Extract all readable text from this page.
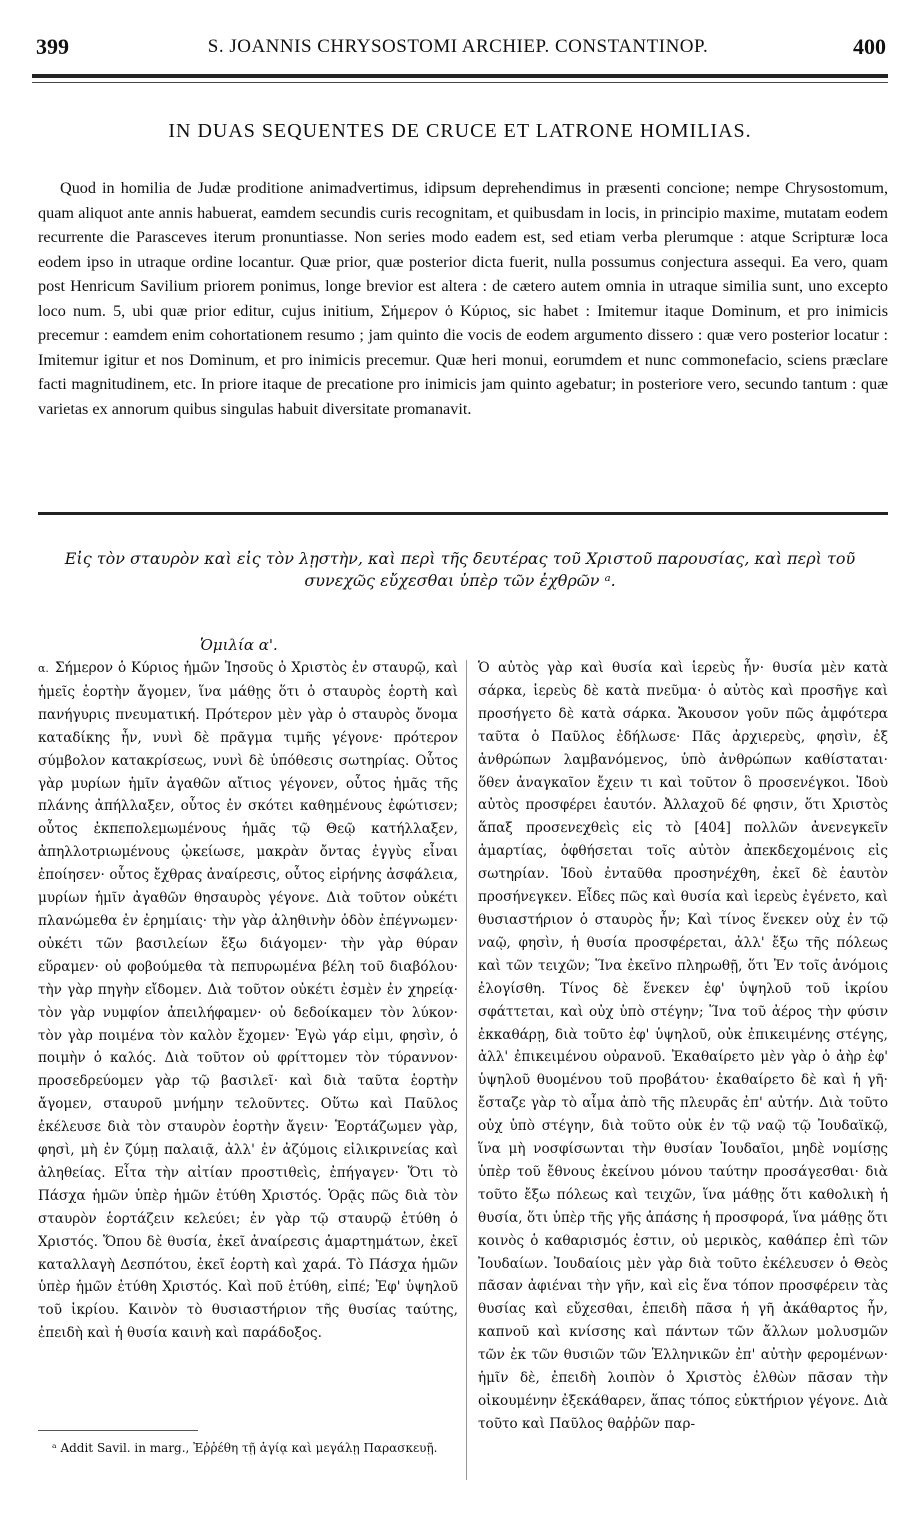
399	S. JOANNIS CHRYSOSTOMI ARCHIEP. CONSTANTINOP.	400
IN DUAS SEQUENTES DE CRUCE ET LATRONE HOMILIAS.

Quod in homilia de Judæ proditione animadvertimus, idipsum deprehendimus in præsenti concione; nempe Chrysostomum, quam aliquot ante annis habuerat, eamdem secundis curis recognitam, et quibusdam in locis, in principio maxime, mutatam eodem recurrente die Parasceves iterum pronuntiasse. Non series modo eadem est, sed etiam verba plerumque : atque Scripturæ loca eodem ipso in utraque ordine locantur. Quæ prior, quæ posterior dicta fuerit, nulla possumus conjectura assequi. Ea vero, quam post Henricum Savilium priorem ponimus, longe brevior est altera : de cætero autem omnia in utraque similia sunt, uno excepto loco num. 5, ubi quæ prior editur, cujus initium, Σήμερον ὁ Κύριος, sic habet : Imitemur itaque Dominum, et pro inimicis precemur : eamdem enim cohortationem resumo ; jam quinto die vocis de eodem argumento dissero : quæ vero posterior locatur : Imitemur igitur et nos Dominum, et pro inimicis precemur. Quæ heri monui, eorumdem et nunc commonefacio, sciens præclare facti magnitudinem, etc. In priore itaque de precatione pro inimicis jam quinto agebatur; in posteriore vero, secundo tantum : quæ varietas ex annorum quibus singulas habuit diversitate promanavit.

Εἰς τὸν σταυρὸν καὶ εἰς τὸν λῃστὴν, καὶ περὶ τῆς δευτέρας τοῦ Χριστοῦ παρουσίας, καὶ περὶ τοῦ συνεχῶς εὔχεσθαι ὑπὲρ τῶν ἐχθρῶν ᵃ.
Ὁμιλία α'.

α. Σήμερον ὁ Κύριος ἡμῶν Ἰησοῦς ὁ Χριστὸς ἐν σταυρῷ, καὶ ἡμεῖς ἑορτὴν ἄγομεν, ἵνα μάθῃς ὅτι ὁ σταυρὸς ἑορτὴ καὶ πανήγυρις πνευματική. Πρότερον μὲν γὰρ ὁ σταυρὸς ὄνομα καταδίκης ἦν, νυνὶ δὲ πρᾶγμα τιμῆς γέγονε· πρότερον σύμβολον κατακρίσεως, νυνὶ δὲ ὑπόθεσις σωτηρίας. Οὗτος γὰρ μυρίων ἡμῖν ἀγαθῶν αἴτιος γέγονεν, οὗτος ἡμᾶς τῆς πλάνης ἀπήλλαξεν, οὗτος ἐν σκότει καθημένους ἐφώτισεν; οὗτος ἐκπεπολεμωμένους ἡμᾶς τῷ Θεῷ κατήλλαξεν, ἀπηλλοτριωμένους ᾠκείωσε, μακρὰν ὄντας ἐγγὺς εἶναι ἐποίησεν· οὗτος ἔχθρας ἀναίρεσις, οὗτος εἰρήνης ἀσφάλεια, μυρίων ἡμῖν ἀγαθῶν θησαυρὸς γέγονε. Διὰ τοῦτον οὐκέτι πλανώμεθα ἐν ἐρημίαις· τὴν γὰρ ἀληθινὴν ὁδὸν ἐπέγνωμεν· οὐκέτι τῶν βασιλείων ἔξω διάγομεν· τὴν γὰρ θύραν εὕραμεν· οὐ φοβούμεθα τὰ πεπυρωμένα βέλη τοῦ διαβόλου· τὴν γὰρ πηγὴν εἴδομεν. Διὰ τοῦτον οὐκέτι ἐσμὲν ἐν χηρείᾳ· τὸν γὰρ νυμφίον ἀπειλήφαμεν· οὐ δεδοίκαμεν τὸν λύκον· τὸν γὰρ ποιμένα τὸν καλὸν ἔχομεν· Ἐγὼ γάρ εἰμι, φησὶν, ὁ ποιμὴν ὁ καλός. Διὰ τοῦτον οὐ φρίττομεν τὸν τύραννον· προσεδρεύομεν γὰρ τῷ βασιλεῖ· καὶ διὰ ταῦτα ἑορτὴν ἄγομεν, σταυροῦ μνήμην τελοῦντες. Οὕτω καὶ Παῦλος ἐκέλευσε διὰ τὸν σταυρὸν ἑορτὴν ἄγειν· Ἑορτάζωμεν γὰρ, φησὶ, μὴ ἐν ζύμῃ παλαιᾷ, ἀλλ' ἐν ἀζύμοις εἰλικρινείας καὶ ἀληθείας. Εἶτα τὴν αἰτίαν προστιθεὶς, ἐπήγαγεν· Ὅτι τὸ Πάσχα ἡμῶν ὑπὲρ ἡμῶν ἐτύθη Χριστός. Ὁρᾷς πῶς διὰ τὸν σταυρὸν ἑορτάζειν κελεύει; ἐν γὰρ τῷ σταυρῷ ἐτύθη ὁ Χριστός. Ὅπου δὲ θυσία, ἐκεῖ ἀναίρεσις ἁμαρτημάτων, ἐκεῖ καταλλαγὴ Δεσπότου, ἐκεῖ ἑορτὴ καὶ χαρά. Τὸ Πάσχα ἡμῶν ὑπὲρ ἡμῶν ἐτύθη Χριστός. Καὶ ποῦ ἐτύθη, εἰπέ; Ἐφ' ὑψηλοῦ τοῦ ἰκρίου. Καινὸν τὸ θυσιαστήριον τῆς θυσίας ταύτης, ἐπειδὴ καὶ ἡ θυσία καινὴ καὶ παράδοξος.

Ὁ αὐτὸς γὰρ καὶ θυσία καὶ ἱερεὺς ἦν· θυσία μὲν κατὰ σάρκα, ἱερεὺς δὲ κατὰ πνεῦμα· ὁ αὐτὸς καὶ προσῆγε καὶ προσήγετο δὲ κατὰ σάρκα. Ἄκουσον γοῦν πῶς ἀμφότερα ταῦτα ὁ Παῦλος ἐδήλωσε· Πᾶς ἀρχιερεὺς, φησὶν, ἐξ ἀνθρώπων λαμβανόμενος, ὑπὸ ἀνθρώπων καθίσταται· ὅθεν ἀναγκαῖον ἔχειν τι καὶ τοῦτον ὃ προσενέγκοι. Ἰδοὺ αὐτὸς προσφέρει ἑαυτόν. Ἀλλαχοῦ δέ φησιν, ὅτι Χριστὸς ἅπαξ προσενεχθεὶς εἰς τὸ [404] πολλῶν ἀνενεγκεῖν ἁμαρτίας, ὀφθήσεται τοῖς αὐτὸν ἀπεκδεχομένοις εἰς σωτηρίαν. Ἰδοὺ ἐνταῦθα προσηνέχθη, ἐκεῖ δὲ ἑαυτὸν προσήνεγκεν. Εἶδες πῶς καὶ θυσία καὶ ἱερεὺς ἐγένετο, καὶ θυσιαστήριον ὁ σταυρὸς ἦν; Καὶ τίνος ἕνεκεν οὐχ ἐν τῷ ναῷ, φησὶν, ἡ θυσία προσφέρεται, ἀλλ' ἔξω τῆς πόλεως καὶ τῶν τειχῶν; Ἵνα ἐκεῖνο πληρωθῇ, ὅτι Ἐν τοῖς ἀνόμοις ἐλογίσθη. Τίνος δὲ ἕνεκεν ἐφ' ὑψηλοῦ τοῦ ἰκρίου σφάττεται, καὶ οὐχ ὑπὸ στέγην; Ἵνα τοῦ ἀέρος τὴν φύσιν ἐκκαθάρῃ, διὰ τοῦτο ἐφ' ὑψηλοῦ, οὐκ ἐπικειμένης στέγης, ἀλλ' ἐπικειμένου οὐρανοῦ. Ἐκαθαίρετο μὲν γὰρ ὁ ἀὴρ ἐφ' ὑψηλοῦ θυομένου τοῦ προβάτου· ἐκαθαίρετο δὲ καὶ ἡ γῆ· ἔσταζε γὰρ τὸ αἷμα ἀπὸ τῆς πλευρᾶς ἐπ' αὐτήν. Διὰ τοῦτο οὐχ ὑπὸ στέγην, διὰ τοῦτο οὐκ ἐν τῷ ναῷ τῷ Ἰουδαϊκῷ, ἵνα μὴ νοσφίσωνται τὴν θυσίαν Ἰουδαῖοι, μηδὲ νομίσῃς ὑπὲρ τοῦ ἔθνους ἐκείνου μόνου ταύτην προσάγεσθαι· διὰ τοῦτο ἔξω πόλεως καὶ τειχῶν, ἵνα μάθῃς ὅτι καθολικὴ ἡ θυσία, ὅτι ὑπὲρ τῆς γῆς ἁπάσης ἡ προσφορά, ἵνα μάθῃς ὅτι κοινὸς ὁ καθαρισμός ἐστιν, οὐ μερικὸς, καθάπερ ἐπὶ τῶν Ἰουδαίων. Ἰουδαίοις μὲν γὰρ διὰ τοῦτο ἐκέλευσεν ὁ Θεὸς πᾶσαν ἀφιέναι τὴν γῆν, καὶ εἰς ἕνα τόπον προσφέρειν τὰς θυσίας καὶ εὔχεσθαι, ἐπειδὴ πᾶσα ἡ γῆ ἀκάθαρτος ἦν, καπνοῦ καὶ κνίσσης καὶ πάντων τῶν ἄλλων μολυσμῶν τῶν ἐκ τῶν θυσιῶν τῶν Ἑλληνικῶν ἐπ' αὐτὴν φερομένων· ἡμῖν δὲ, ἐπειδὴ λοιπὸν ὁ Χριστὸς ἐλθὼν πᾶσαν τὴν οἰκουμένην ἐξεκάθαρεν, ἅπας τόπος εὐκτήριον γέγονε. Διὰ τοῦτο καὶ Παῦλος θαῤῥῶν παρ-

ᵃ Addit Savil. in marg., Ἐῤῥέθη τῇ ἁγίᾳ καὶ μεγάλῃ Παρασκευῇ.
